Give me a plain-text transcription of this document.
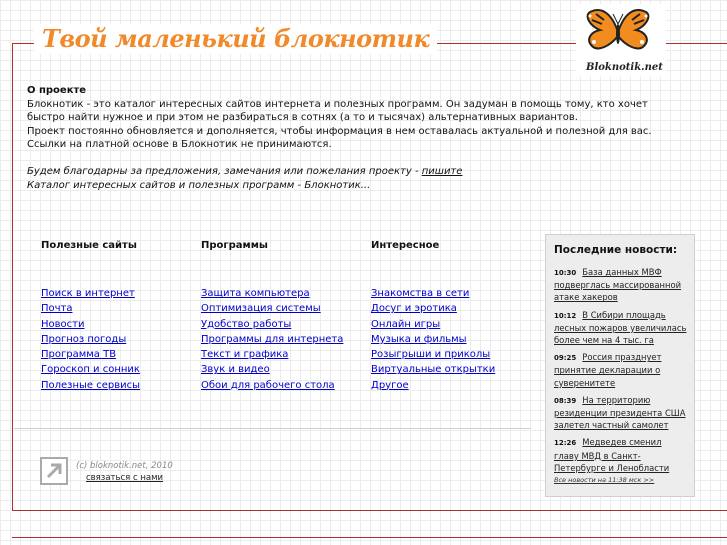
Твой маленький блокнотик
Bloknotik.net
О проекте
Блокнотик - это каталог интересных сайтов интернета и полезных программ. Он задуман в помощь тому, кто хочет
быстро найти нужное и при этом не разбираться в сотнях (а то и тысячах) альтернативных вариантов.
Проект постоянно обновляется и дополняется, чтобы информация в нем оставалась актуальной и полезной для вас.
Ссылки на платной основе в Блокнотик не принимаются.
Будем благодарны за предложения, замечания или пожелания проекту - пишите
Каталог интересных сайтов и полезных программ - Блокнотик...
Полезные сайты
Поиск в интернет
Почта
Новости
Прогноз погоды
Программа ТВ
Гороскоп и сонник
Полезные сервисы
Программы
Защита компьютера
Оптимизация системы
Удобство работы
Программы для интернета
Текст и графика
Звук и видео
Обои для рабочего стола
Интересное
Знакомства в сети
Досуг и эротика
Онлайн игры
Музыка и фильмы
Розыгрыши и приколы
Виртуальные открытки
Другое
(c) bloknotik.net, 2010
связаться с нами
Последние новости:
10:30 База данных МВФ подверглась массированной атаке хакеров
10:12 В Сибири площадь лесных пожаров увеличилась более чем на 4 тыс. га
09:25 Россия празднует принятие декларации о суверенитете
08:39 На территорию резиденции президента США залетел частный самолет
12:26 Медведев сменил главу МВД в Санкт-Петербурге и Ленобласти
Все новости на 11:38 мск >>
